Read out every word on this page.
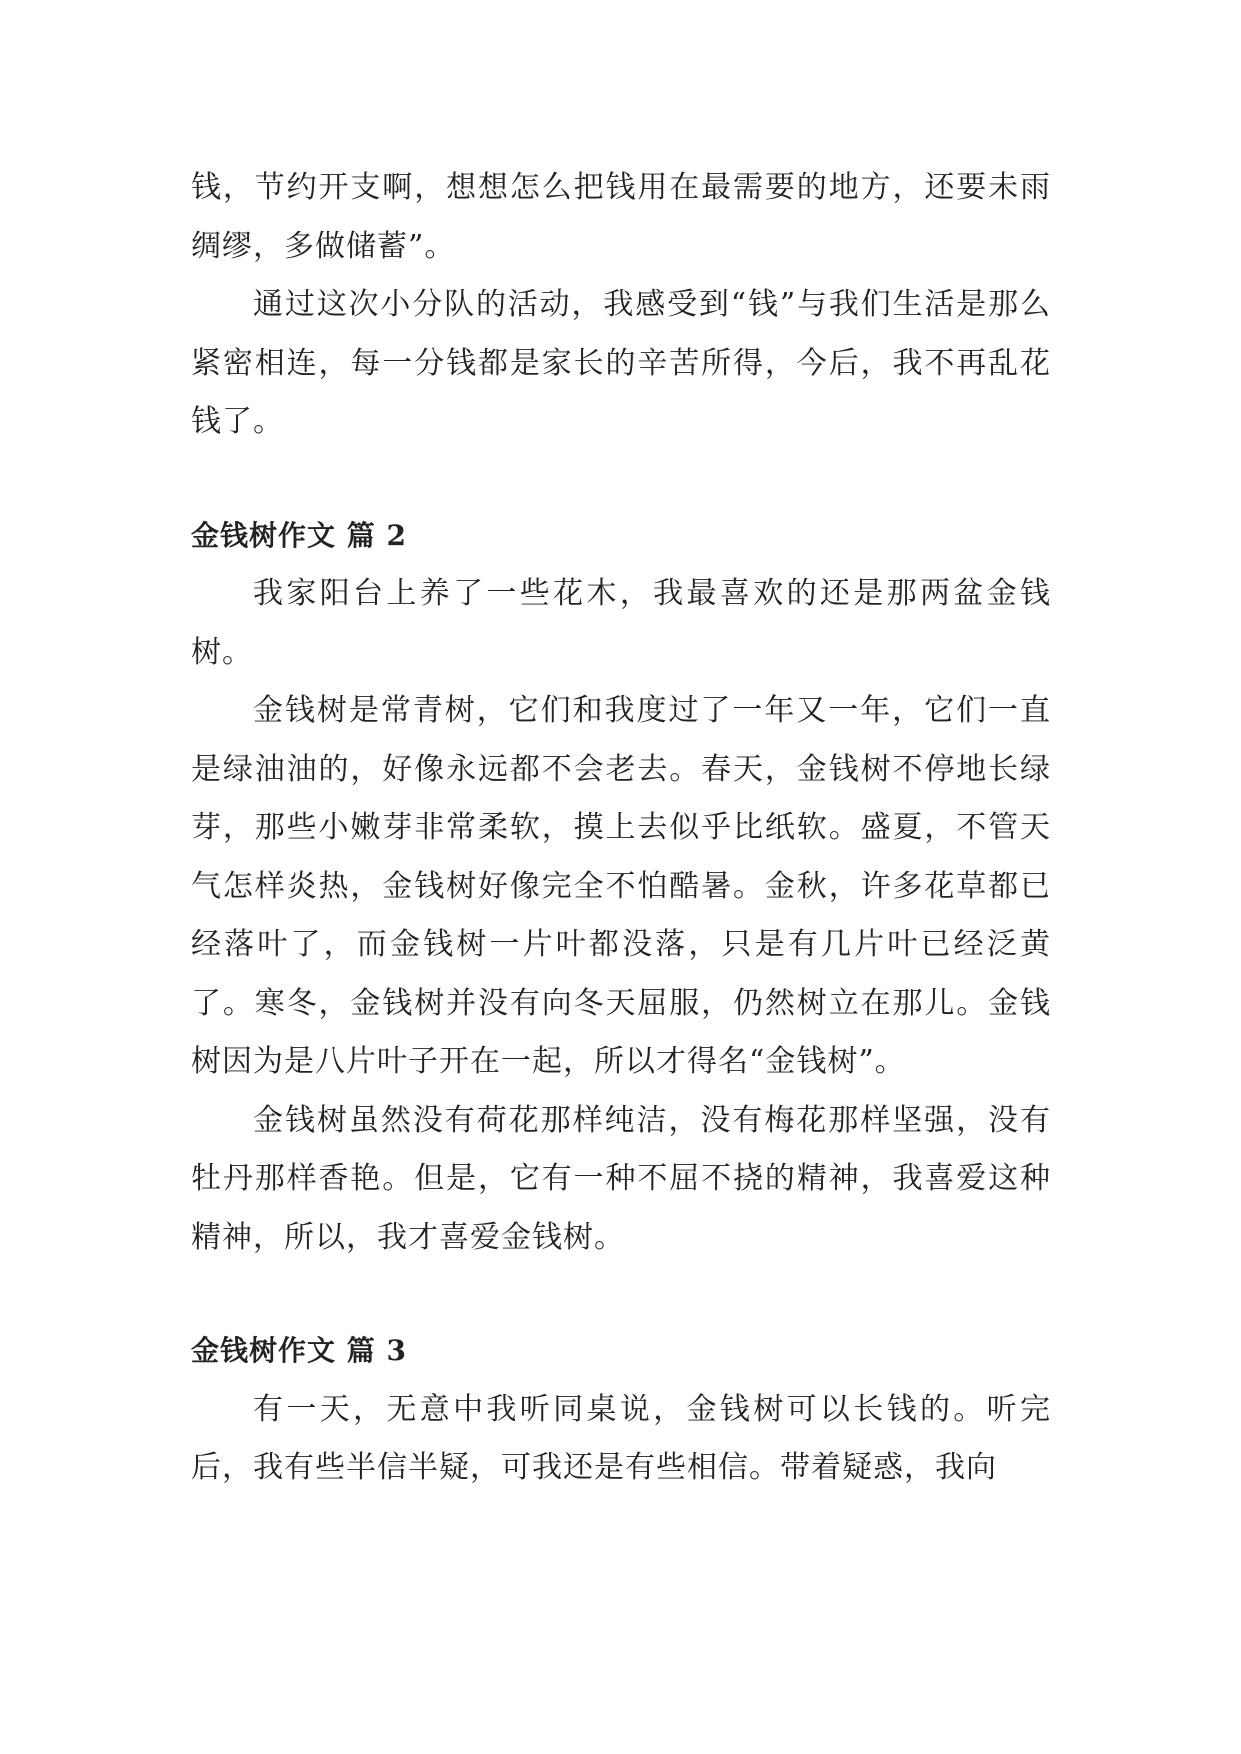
钱，节约开支啊，想想怎么把钱用在最需要的地方，还要未雨绸缪，多做储蓄”。

通过这次小分队的活动，我感受到“钱”与我们生活是那么紧密相连，每一分钱都是家长的辛苦所得，今后，我不再乱花钱了。

金钱树作文 篇 2

我家阳台上养了一些花木，我最喜欢的还是那两盆金钱树。

金钱树是常青树，它们和我度过了一年又一年，它们一直是绿油油的，好像永远都不会老去。春天，金钱树不停地长绿芽，那些小嫩芽非常柔软，摸上去似乎比纸软。盛夏，不管天气怎样炎热，金钱树好像完全不怕酷暑。金秋，许多花草都已经落叶了，而金钱树一片叶都没落，只是有几片叶已经泛黄了。寒冬，金钱树并没有向冬天屈服，仍然树立在那儿。金钱树因为是八片叶子开在一起，所以才得名“金钱树”。

金钱树虽然没有荷花那样纯洁，没有梅花那样坚强，没有牡丹那样香艳。但是，它有一种不屈不挠的精神，我喜爱这种精神，所以，我才喜爱金钱树。

金钱树作文 篇 3

有一天，无意中我听同桌说，金钱树可以长钱的。听完后，我有些半信半疑，可我还是有些相信。带着疑惑，我向
